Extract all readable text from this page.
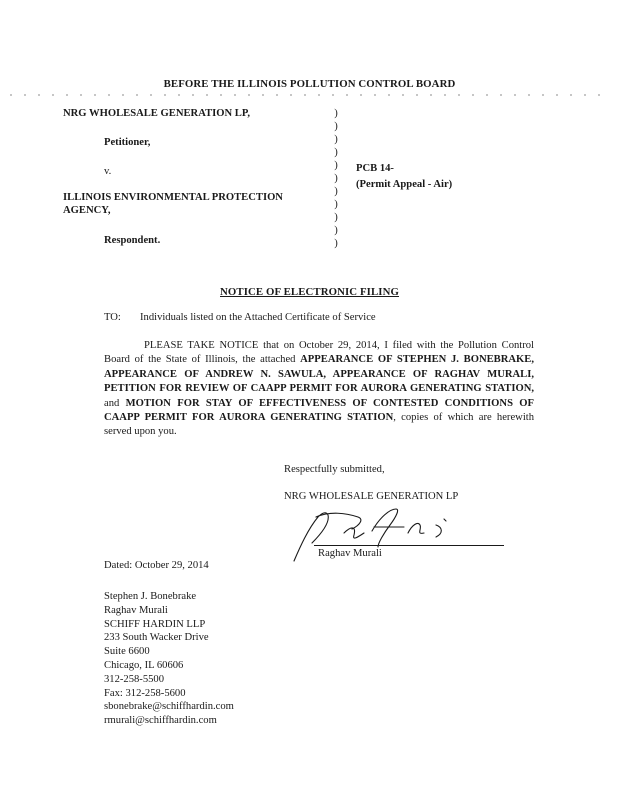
BEFORE THE ILLINOIS POLLUTION CONTROL BOARD
NRG WHOLESALE GENERATION LP,
Petitioner,
v.
ILLINOIS ENVIRONMENTAL PROTECTION
AGENCY,
Respondent.
)
)
)
)
)
)
)
)
)
)
)
PCB 14-
(Permit Appeal - Air)
NOTICE OF ELECTRONIC FILING
TO: Individuals listed on the Attached Certificate of Service
PLEASE TAKE NOTICE that on October 29, 2014, I filed with the Pollution Control Board of the State of Illinois, the attached APPEARANCE OF STEPHEN J. BONEBRAKE, APPEARANCE OF ANDREW N. SAWULA, APPEARANCE OF RAGHAV MURALI, PETITION FOR REVIEW OF CAAPP PERMIT FOR AURORA GENERATING STATION, and MOTION FOR STAY OF EFFECTIVENESS OF CONTESTED CONDITIONS OF CAAPP PERMIT FOR AURORA GENERATING STATION, copies of which are herewith served upon you.
Respectfully submitted,
NRG WHOLESALE GENERATION LP
Raghav Murali
Dated: October 29, 2014
Stephen J. Bonebrake
Raghav Murali
SCHIFF HARDIN LLP
233 South Wacker Drive
Suite 6600
Chicago, IL 60606
312-258-5500
Fax: 312-258-5600
sbonebrake@schiffhardin.com
rmurali@schiffhardin.com
